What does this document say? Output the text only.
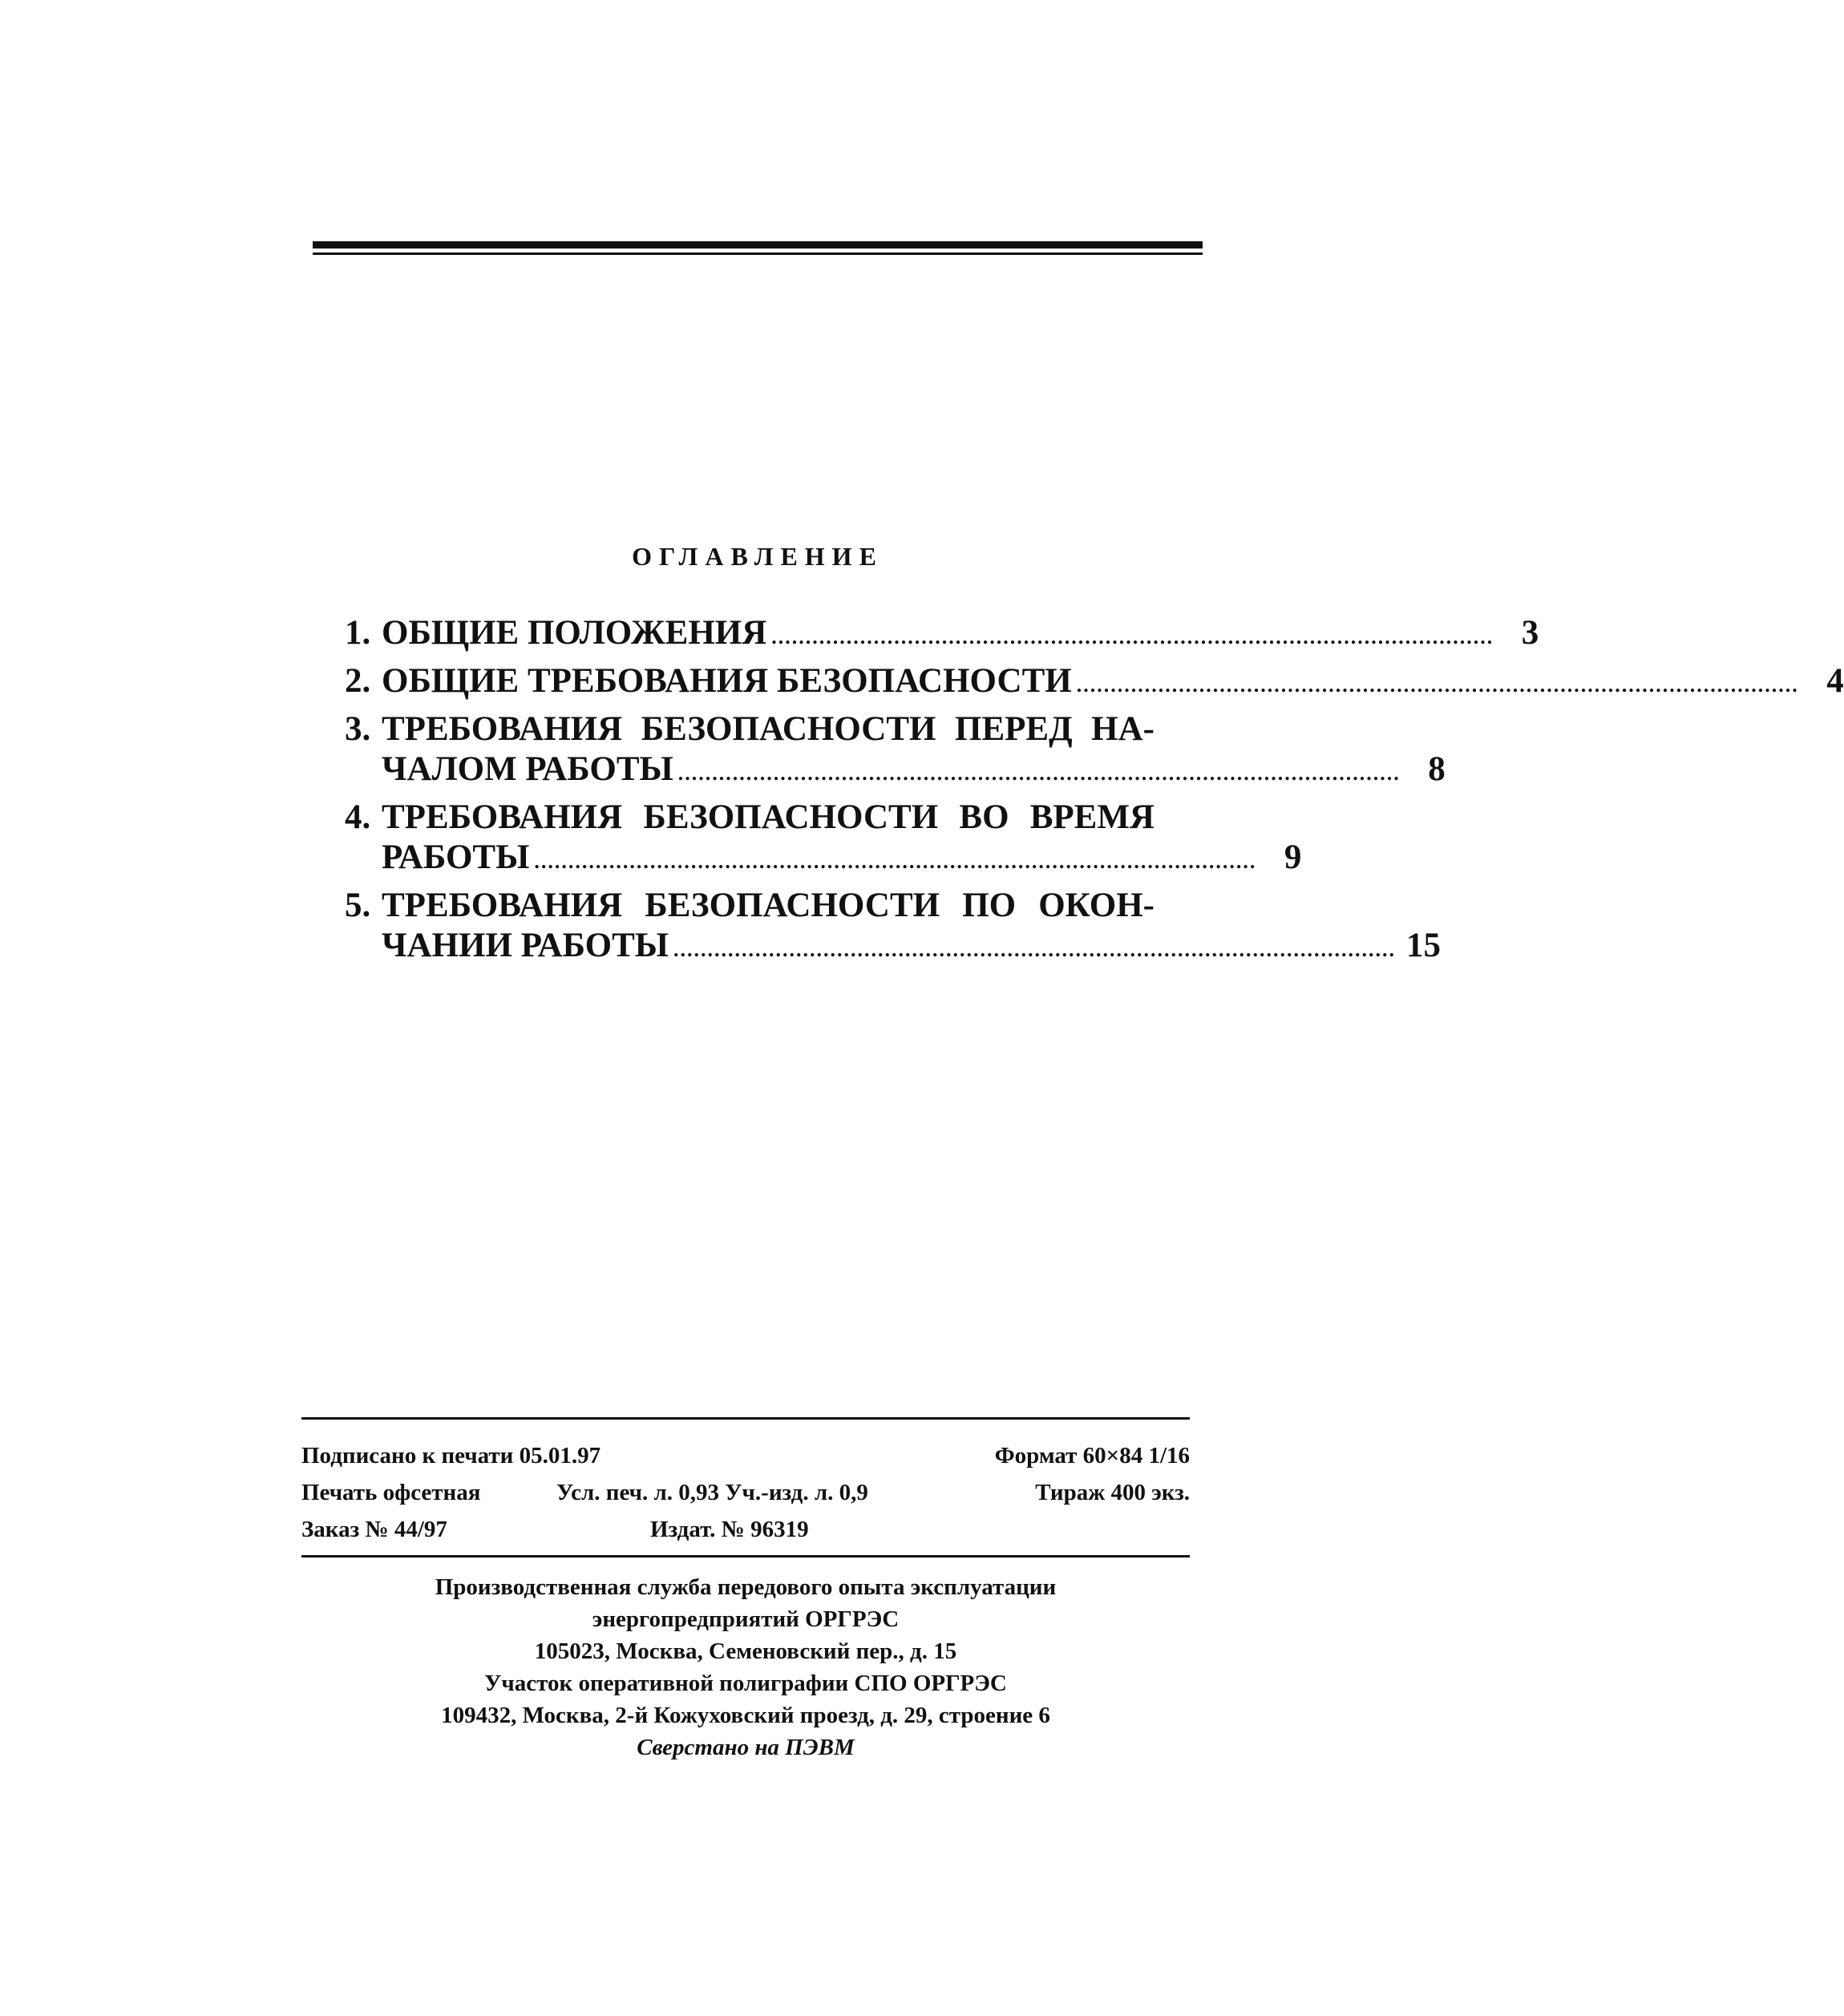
ОГЛАВЛЕНИЕ
1. ОБЩИЕ ПОЛОЖЕНИЯ .......................................................................................................... 3
2. ОБЩИЕ ТРЕБОВАНИЯ БЕЗОПАСНОСТИ .......................................................................................................... 4
3. ТРЕБОВАНИЯ БЕЗОПАСНОСТИ ПЕРЕД НА-
ЧАЛОМ РАБОТЫ .......................................................................................................... 8
4. ТРЕБОВАНИЯ БЕЗОПАСНОСТИ ВО ВРЕМЯ
РАБОТЫ .......................................................................................................... 9
5. ТРЕБОВАНИЯ БЕЗОПАСНОСТИ ПО ОКОН-
ЧАНИИ РАБОТЫ .......................................................................................................... 15
Подписано к печати 05.01.97	Формат 60×84 1/16
Печать офсетная	Усл. печ. л. 0,93 Уч.-изд. л. 0,9	Тираж 400 экз.
Заказ № 44/97	Издат. № 96319
Производственная служба передового опыта эксплуатации
энергопредприятий ОРГРЭС
105023, Москва, Семеновский пер., д. 15
Участок оперативной полиграфии СПО ОРГРЭС
109432, Москва, 2-й Кожуховский проезд, д. 29, строение 6
Сверстано на ПЭВМ
